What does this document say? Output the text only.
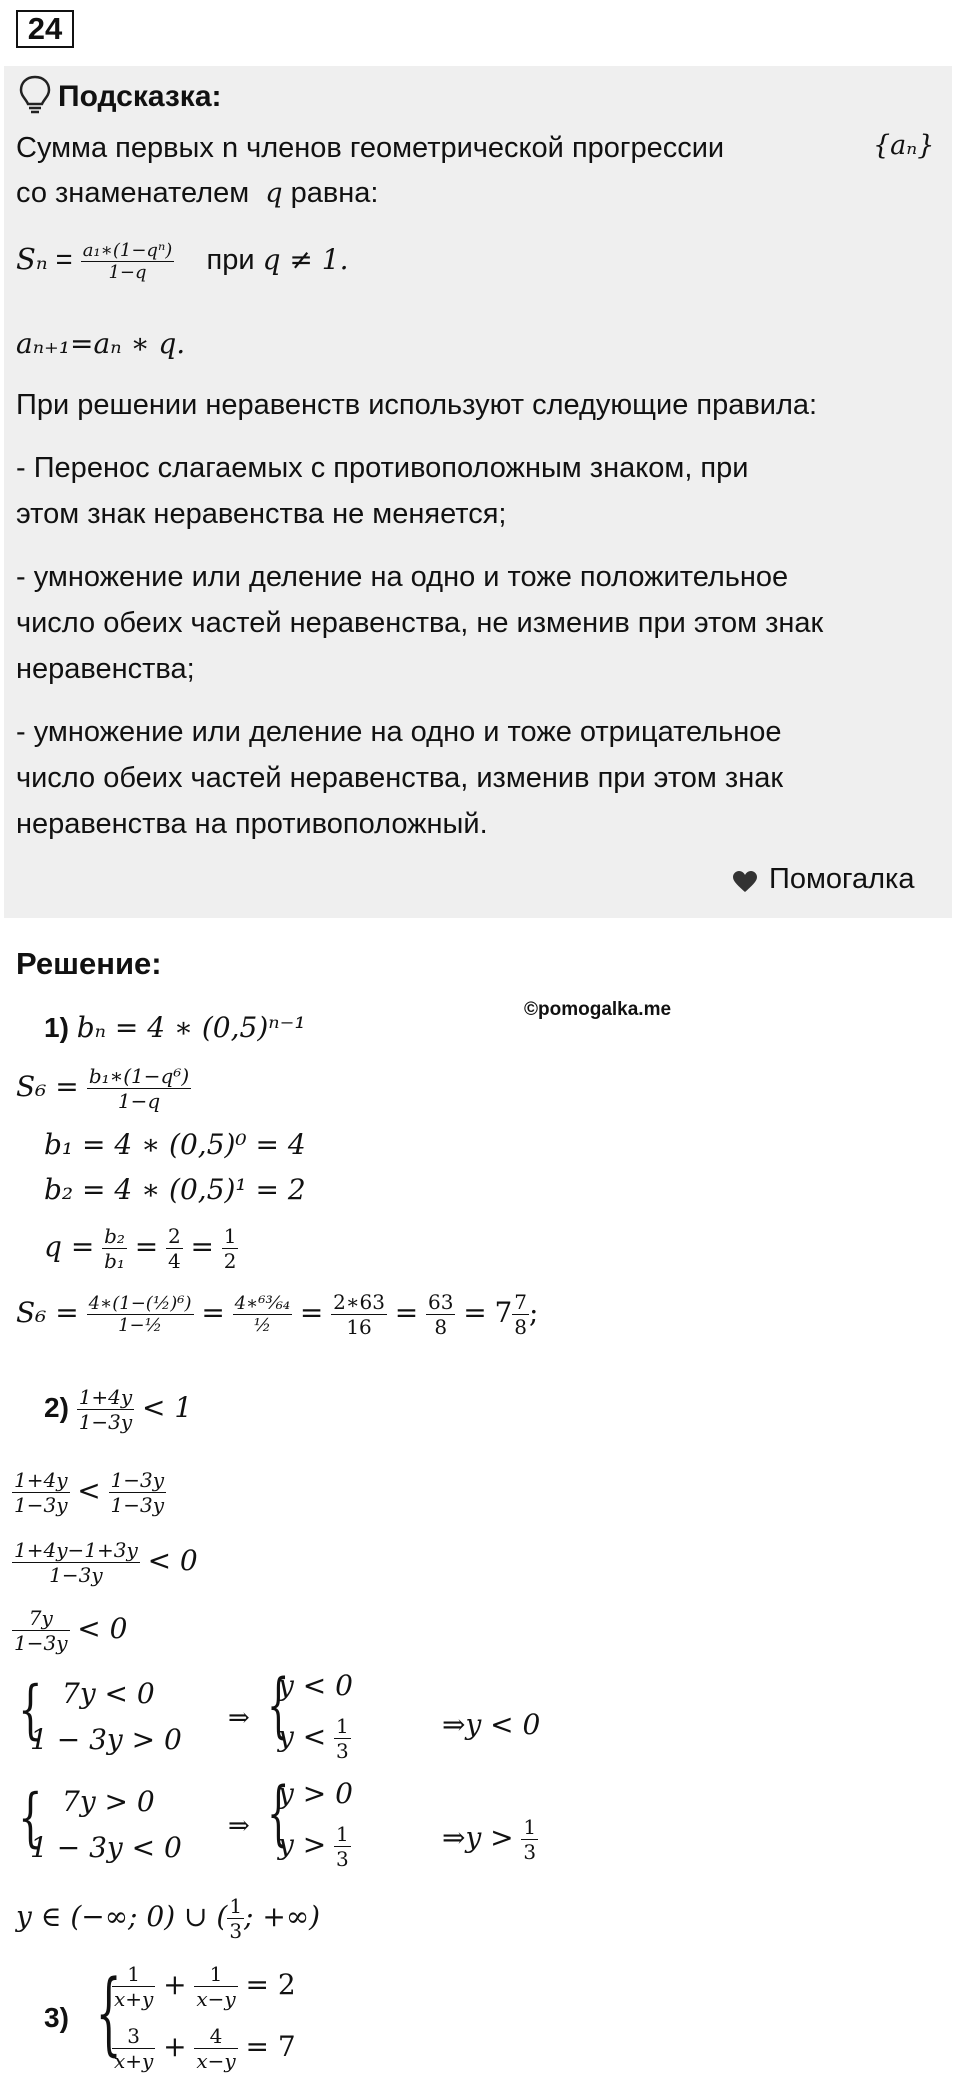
24
Подсказка:
Сумма первых n членов геометрической прогрессии	{aₙ}
со знаменателем q равна:
$S_n = \frac{\text{a₁∗(1−qⁿ)}}{1-q}$ при q ≠ 1.
aₙ₊₁=aₙ ∗ q.
При решении неравенств используют следующие правила:
- Перенос слагаемых с противоположным знаком, при
этом знак неравенства не меняется;
- умножение или деление на одно и тоже положительное
число обеих частей неравенства, не изменив при этом знак
неравенства;
- умножение или деление на одно и тоже отрицательное
число обеих частей неравенства, изменив при этом знак
неравенства на противоположный.
Помогалка
Решение:
©pomogalka.me
1) bₙ = 4 ∗ (0,5)ⁿ⁻¹
$S_6 = \frac{\text{b₁∗(1−q⁶)}}{1-q}$
b₁ = 4 ∗ (0,5)⁰ = 4
b₂ = 4 ∗ (0,5)¹ = 2
$q = \frac{\text{b₂}}{\text{b₁}} = \frac{2}{4} = \frac{1}{2}$
$S_6 = \frac{\text{4∗(1−(½)⁶)}}{\text{1−½}} = \frac{\text{4∗⁶³⁄₆₄}}{\text{½}} = \frac{2∗63}{16} = \frac{63}{8} = 7 \frac{7}{8}$ ;
$2) \frac{1+4y}{1-3y} < 1$
$\frac{1+4y}{1-3y} < \frac{1-3y}{1-3y}$
$\frac{1+4y-1+3y}{1-3y} < 0$
$\frac{7y}{1-3y} < 0$
{ 7y < 0
1 − 3y > 0
⇒ {
y < 0
$y < \frac{1}{3}$	⇒y < 0
{ 7y > 0
1 − 3y < 0
⇒ {
y > 0
$y > \frac{1}{3}$	⇒y > $\frac{1}{3}$
y ∈ (−∞; 0) ∪ ( $\frac{1}{3}$ ; +∞)
3) {
$\frac{1}{x+y} + \frac{1}{x-y} = 2$
$\frac{3}{x+y} + \frac{4}{x-y} = 7$
